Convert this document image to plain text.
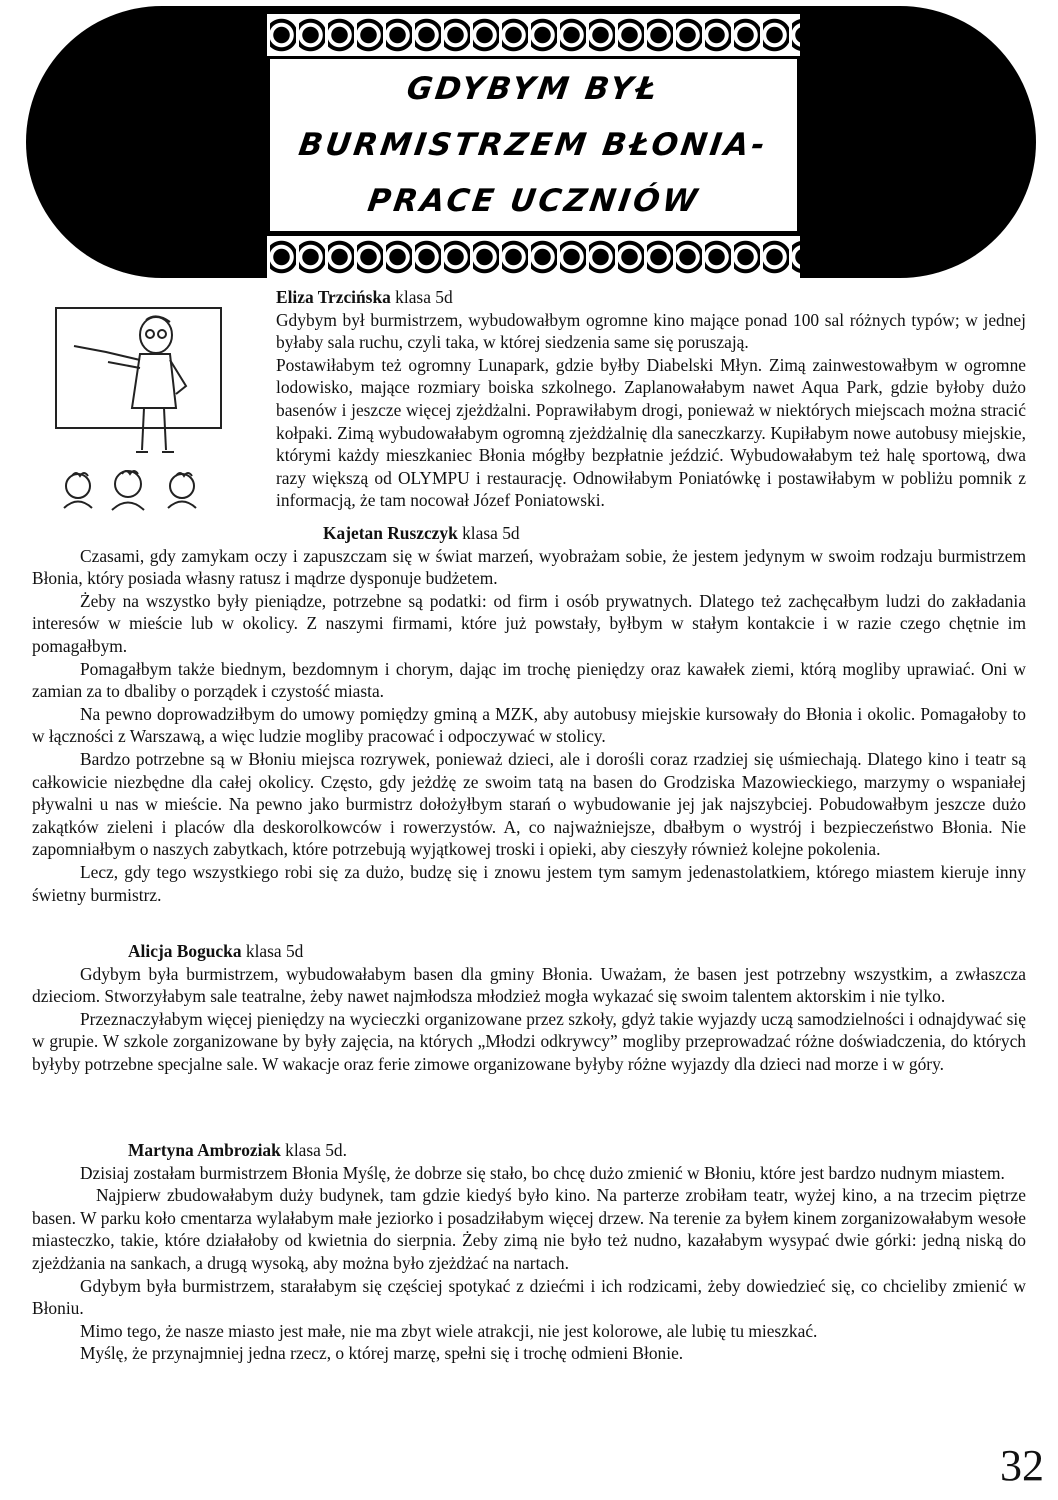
GDYBYM BYŁ
BURMISTRZEM BŁONIA-
PRACE UCZNIÓW

Eliza Trzcińska klasa 5d

Gdybym był burmistrzem, wybudowałbym ogromne kino mające ponad 100 sal różnych typów; w jednej byłaby sala ruchu, czyli taka, w której siedzenia same się poruszają.

Postawiłabym też ogromny Lunapark, gdzie byłby Diabelski Młyn. Zimą zainwestowałbym w ogromne lodowisko, mające rozmiary boiska szkolnego. Zaplanowałabym nawet Aqua Park, gdzie byłoby dużo basenów i jeszcze więcej zjeżdżalni. Poprawiłabym drogi, ponieważ w niektórych miejscach można stracić kołpaki. Zimą wybudowałabym ogromną zjeżdżalnię dla saneczkarzy. Kupiłabym nowe autobusy miejskie, którymi każdy mieszkaniec Błonia mógłby bezpłatnie jeździć. Wybudowałabym też halę sportową, dwa razy większą od OLYMPU i restaurację. Odnowiłabym Poniatówkę i postawiłabym w pobliżu pomnik z informacją, że tam nocował Józef Poniatowski.

Kajetan Ruszczyk klasa 5d

Czasami, gdy zamykam oczy i zapuszczam się w świat marzeń, wyobrażam sobie, że jestem jedynym w swoim rodzaju burmistrzem Błonia, który posiada własny ratusz i mądrze dysponuje budżetem.

Żeby na wszystko były pieniądze, potrzebne są podatki: od firm i osób prywatnych. Dlatego też zachęcałbym ludzi do zakładania interesów w mieście lub w okolicy. Z naszymi firmami, które już powstały, byłbym w stałym kontakcie i w razie czego chętnie im pomagałbym.

Pomagałbym także biednym, bezdomnym i chorym, dając im trochę pieniędzy oraz kawałek ziemi, którą mogliby uprawiać. Oni w zamian za to dbaliby o porządek i czystość miasta.

Na pewno doprowadziłbym do umowy pomiędzy gminą a MZK, aby autobusy miejskie kursowały do Błonia i okolic. Pomagałoby to w łączności z Warszawą, a więc ludzie mogliby pracować i odpoczywać w stolicy.

Bardzo potrzebne są w Błoniu miejsca rozrywek, ponieważ dzieci, ale i dorośli coraz rzadziej się uśmiechają. Dlatego kino i teatr są całkowicie niezbędne dla całej okolicy. Często, gdy jeżdżę ze swoim tatą na basen do Grodziska Mazowieckiego, marzymy o wspaniałej pływalni u nas w mieście. Na pewno jako burmistrz dołożyłbym starań o wybudowanie jej jak najszybciej. Pobudowałbym jeszcze dużo zakątków zieleni i placów dla deskorolkowców i rowerzystów. A, co najważniejsze, dbałbym o wystrój i bezpieczeństwo Błonia. Nie zapomniałbym o naszych zabytkach, które potrzebują wyjątkowej troski i opieki, aby cieszyły również kolejne pokolenia.

Lecz, gdy tego wszystkiego robi się za dużo, budzę się i znowu jestem tym samym jedenastolatkiem, którego miastem kieruje inny świetny burmistrz.

Alicja Bogucka klasa 5d

Gdybym była burmistrzem, wybudowałabym basen dla gminy Błonia. Uważam, że basen jest potrzebny wszystkim, a zwłaszcza dzieciom. Stworzyłabym sale teatralne, żeby nawet najmłodsza młodzież mogła wykazać się swoim talentem aktorskim i nie tylko.

Przeznaczyłabym więcej pieniędzy na wycieczki organizowane przez szkoły, gdyż takie wyjazdy uczą samodzielności i odnajdywać się w grupie. W szkole zorganizowane by były zajęcia, na których „Młodzi odkrywcy” mogliby przeprowadzać różne doświadczenia, do których byłyby potrzebne specjalne sale. W wakacje oraz ferie zimowe organizowane byłyby różne wyjazdy dla dzieci nad morze i w góry.

Martyna Ambroziak klasa 5d.

Dzisiaj zostałam burmistrzem Błonia Myślę, że dobrze się stało, bo chcę dużo zmienić w Błoniu, które jest bardzo nudnym miastem.

Najpierw zbudowałabym duży budynek, tam gdzie kiedyś było kino. Na parterze zrobiłam teatr, wyżej kino, a na trzecim piętrze basen. W parku koło cmentarza wylałabym małe jeziorko i posadziłabym więcej drzew. Na terenie za byłem kinem zorganizowałabym wesołe miasteczko, takie, które działałoby od kwietnia do sierpnia. Żeby zimą nie było też nudno, kazałabym wysypać dwie górki: jedną niską do zjeżdżania na sankach, a drugą wysoką, aby można było zjeżdżać na nartach.

Gdybym była burmistrzem, starałabym się częściej spotykać z dziećmi i ich rodzicami, żeby dowiedzieć się, co chcieliby zmienić w Błoniu.

Mimo tego, że nasze miasto jest małe, nie ma zbyt wiele atrakcji, nie jest kolorowe, ale lubię tu mieszkać.

Myślę, że przynajmniej jedna rzecz, o której marzę, spełni się i trochę odmieni Błonie.

32
